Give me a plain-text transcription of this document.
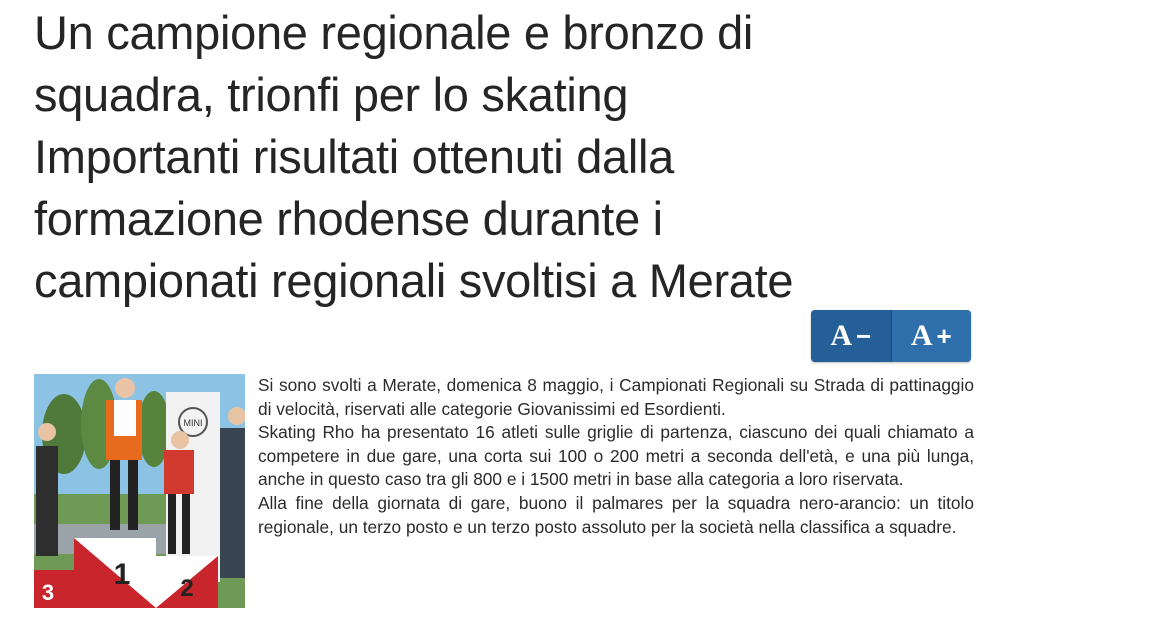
Un campione regionale e bronzo di
squadra, trionfi per lo skating
Importanti risultati ottenuti dalla
formazione rhodense durante i
campionati regionali svoltisi a Merate
A − A +
MINI
1 2
3

Si sono svolti a Merate, domenica 8 maggio, i Campionati Regionali su Strada di pattinaggio di velocità, riservati alle categorie Giovanissimi ed Esordienti.

Skating Rho ha presentato 16 atleti sulle griglie di partenza, ciascuno dei quali chiamato a competere in due gare, una corta sui 100 o 200 metri a seconda dell'età, e una più lunga, anche in questo caso tra gli 800 e i 1500 metri in base alla categoria a loro riservata.

Alla fine della giornata di gare, buono il palmares per la squadra nero-arancio: un titolo regionale, un terzo posto e un terzo posto assoluto per la società nella classifica a squadre.
